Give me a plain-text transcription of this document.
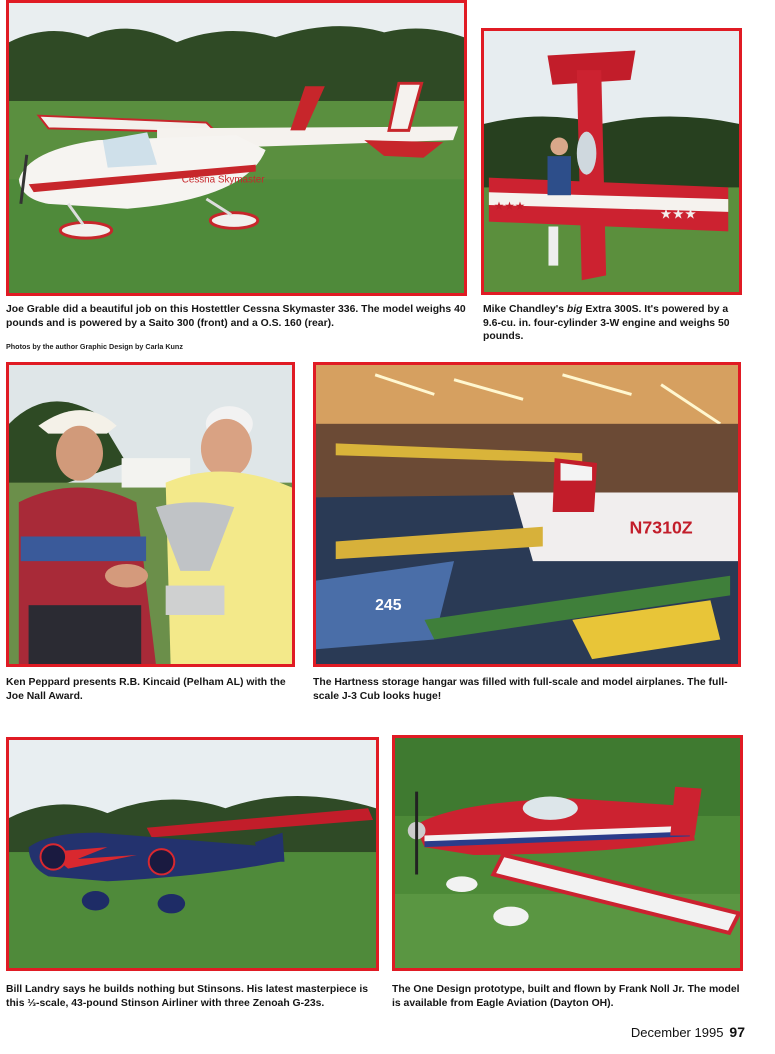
Cessna Skymaster

Joe Grable did a beautiful job on this Hostettler Cessna Skymaster 336. The model weighs 40 pounds and is powered by a Saito 300 (front) and a O.S. 160 (rear).

Photos by the author Graphic Design by Carla Kunz
★★★
★★★

Mike Chandley's big Extra 300S. It's powered by a 9.6-cu. in. four-cylinder 3-W engine and weighs 50 pounds.

Ken Peppard presents R.B. Kincaid (Pelham AL) with the Joe Nall Award.

N7310Z
245

The Hartness storage hangar was filled with full-scale and model airplanes. The full-scale J-3 Cub looks huge!

Bill Landry says he builds nothing but Stinsons. His latest masterpiece is this ⅓-scale, 43-pound Stinson Airliner with three Zenoah G-23s.

The One Design prototype, built and flown by Frank Noll Jr. The model is available from Eagle Aviation (Dayton OH).

December 1995 97
